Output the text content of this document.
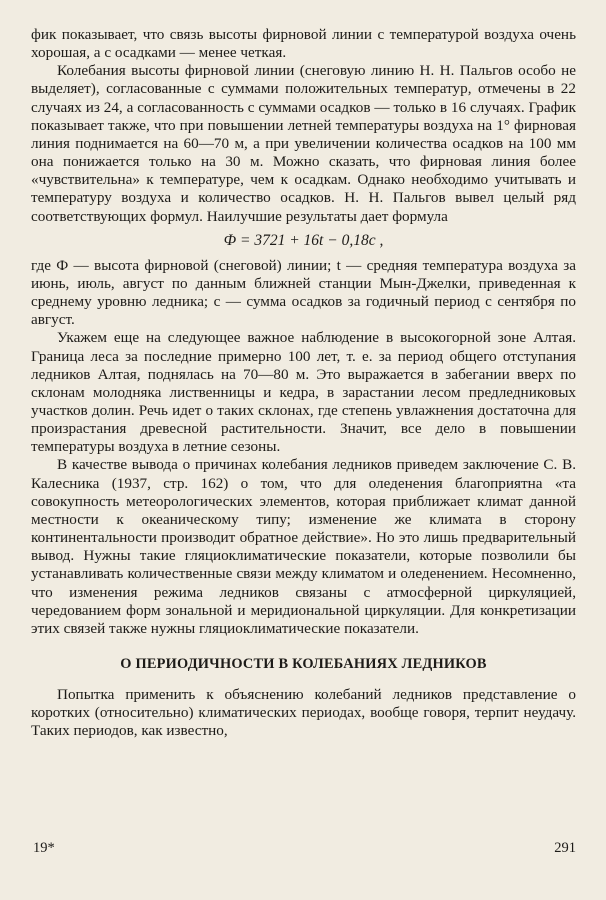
фик показывает, что связь высоты фирновой линии с температурой воздуха очень хорошая, а с осадками — менее четкая.

Колебания высоты фирновой линии (снеговую линию Н. Н. Пальгов особо не выделяет), согласованные с суммами положительных температур, отмечены в 22 случаях из 24, а согласованность с суммами осадков — только в 16 случаях. График показывает также, что при повышении летней температуры воздуха на 1° фирновая линия поднимается на 60—70 м, а при увеличении количества осадков на 100 мм она понижается только на 30 м. Можно сказать, что фирновая линия более «чувствительна» к температуре, чем к осадкам. Однако необходимо учитывать и температуру воздуха и количество осадков. Н. Н. Пальгов вывел целый ряд соответствующих формул. Наилучшие результаты дает формула

Ф = 3721 + 16t − 0,18c ,

где Ф — высота фирновой (снеговой) линии; t — средняя температура воздуха за июнь, июль, август по данным ближней станции Мын-Джелки, приведенная к среднему уровню ледника; c — сумма осадков за годичный период с сентября по август.

Укажем еще на следующее важное наблюдение в высокогорной зоне Алтая. Граница леса за последние примерно 100 лет, т. е. за период общего отступания ледников Алтая, поднялась на 70—80 м. Это выражается в забегании вверх по склонам молодняка лиственницы и кедра, в зарастании лесом предледниковых участков долин. Речь идет о таких склонах, где степень увлажнения достаточна для произрастания древесной растительности. Значит, все дело в повышении температуры воздуха в летние сезоны.

В качестве вывода о причинах колебания ледников приведем заключение С. В. Калесника (1937, стр. 162) о том, что для оледенения благоприятна «та совокупность метеорологических элементов, которая приближает климат данной местности к океаническому типу; изменение же климата в сторону континентальности производит обратное действие». Но это лишь предварительный вывод. Нужны такие гляциоклиматические показатели, которые позволили бы устанавливать количественные связи между климатом и оледенением. Несомненно, что изменения режима ледников связаны с атмосферной циркуляцией, чередованием форм зональной и меридиональной циркуляции. Для конкретизации этих связей также нужны гляциоклиматические показатели.

О ПЕРИОДИЧНОСТИ В КОЛЕБАНИЯХ ЛЕДНИКОВ

Попытка применить к объяснению колебаний ледников представление о коротких (относительно) климатических периодах, вообще говоря, терпит неудачу. Таких периодов, как известно,

19*	291
